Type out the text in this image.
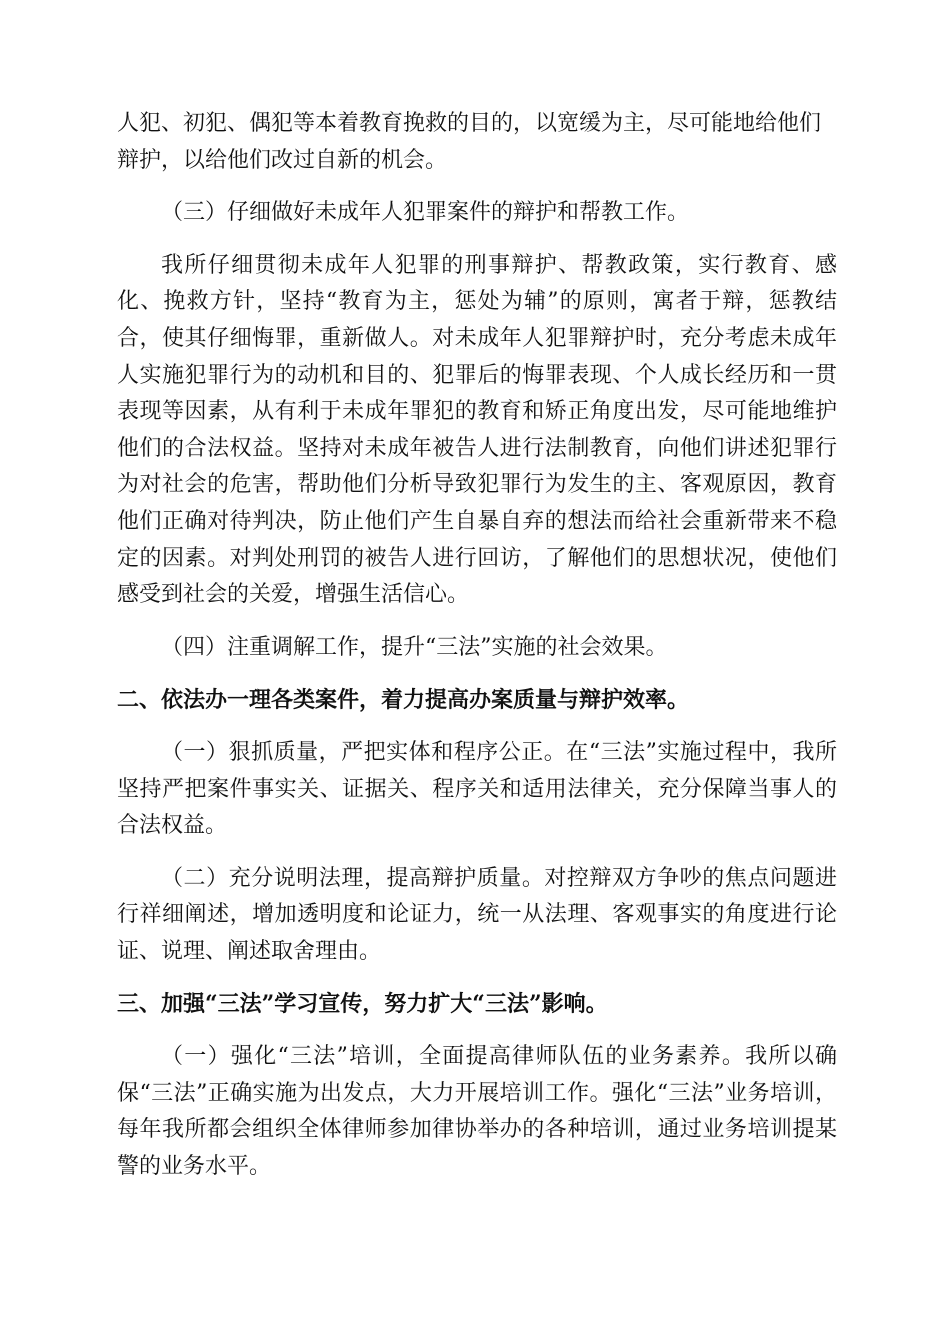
人犯、初犯、偶犯等本着教育挽救的目的，以宽缓为主，尽可能地给他们辩护，以给他们改过自新的机会。

（三）仔细做好未成年人犯罪案件的辩护和帮教工作。

我所仔细贯彻未成年人犯罪的刑事辩护、帮教政策，实行教育、感化、挽救方针，坚持“教育为主，惩处为辅”的原则，寓者于辩，惩教结合，使其仔细悔罪，重新做人。对未成年人犯罪辩护时，充分考虑未成年人实施犯罪行为的动机和目的、犯罪后的悔罪表现、个人成长经历和一贯表现等因素，从有利于未成年罪犯的教育和矫正角度出发，尽可能地维护他们的合法权益。坚持对未成年被告人进行法制教育，向他们讲述犯罪行为对社会的危害，帮助他们分析导致犯罪行为发生的主、客观原因，教育他们正确对待判决，防止他们产生自暴自弃的想法而给社会重新带来不稳定的因素。对判处刑罚的被告人进行回访，了解他们的思想状况，使他们感受到社会的关爱，增强生活信心。

（四）注重调解工作，提升“三法”实施的社会效果。

二、依法办一理各类案件，着力提高办案质量与辩护效率。

（一）狠抓质量，严把实体和程序公正。在“三法”实施过程中，我所坚持严把案件事实关、证据关、程序关和适用法律关，充分保障当事人的合法权益。

（二）充分说明法理，提高辩护质量。对控辩双方争吵的焦点问题进行祥细阐述，增加透明度和论证力，统一从法理、客观事实的角度进行论证、说理、阐述取舍理由。

三、加强“三法”学习宣传，努力扩大“三法”影响。

（一）强化“三法”培训，全面提高律师队伍的业务素养。我所以确保“三法”正确实施为出发点，大力开展培训工作。强化“三法”业务培训，每年我所都会组织全体律师参加律协举办的各种培训，通过业务培训提某警的业务水平。
